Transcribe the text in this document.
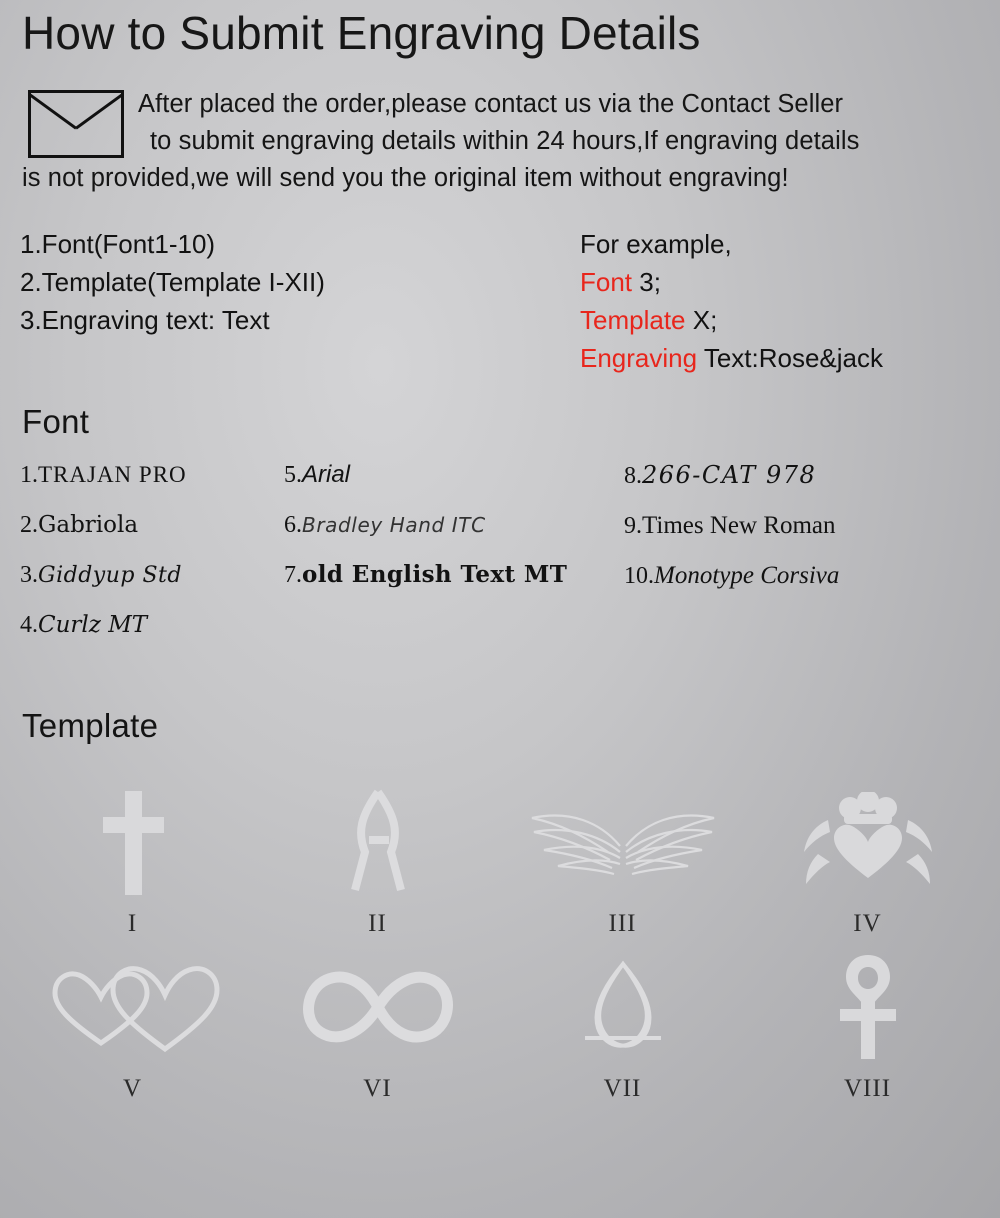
How to Submit Engraving Details
After placed the order,please contact us via the Contact Seller
to submit engraving details within 24 hours,If engraving details
is not provided,we will send you the original item without engraving!
1.Font(Font1-10)
2.Template(Template I-XII)
3.Engraving text: Text
For example,
Font 3;
Template X;
Engraving Text:Rose&jack
Font
1.TRAJAN PRO
2.Gabriola
3.Giddyup Std
4.Curlz MT
5.Arial
6.Bradley Hand ITC
7.old English Text MT
8.266-CAT 978
9.Times New Roman
10.Monotype Corsiva
Template
I	II	III	IV
V	VI	VII	VIII
